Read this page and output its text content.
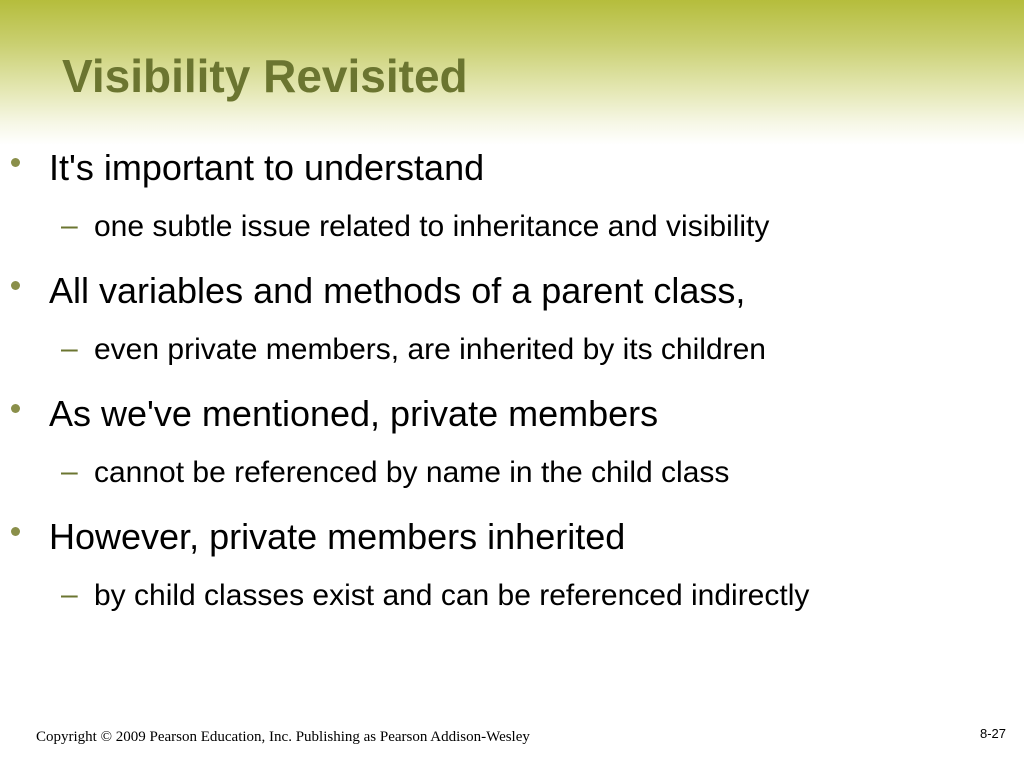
Visibility Revisited
It's important to understand
– one subtle issue related to inheritance and visibility
All variables and methods of a parent class,
– even private members, are inherited by its children
As we've mentioned, private members
– cannot be referenced by name in the child class
However, private members inherited
– by child classes exist and can be referenced indirectly
Copyright © 2009 Pearson Education, Inc. Publishing as Pearson Addison-Wesley	8-27
